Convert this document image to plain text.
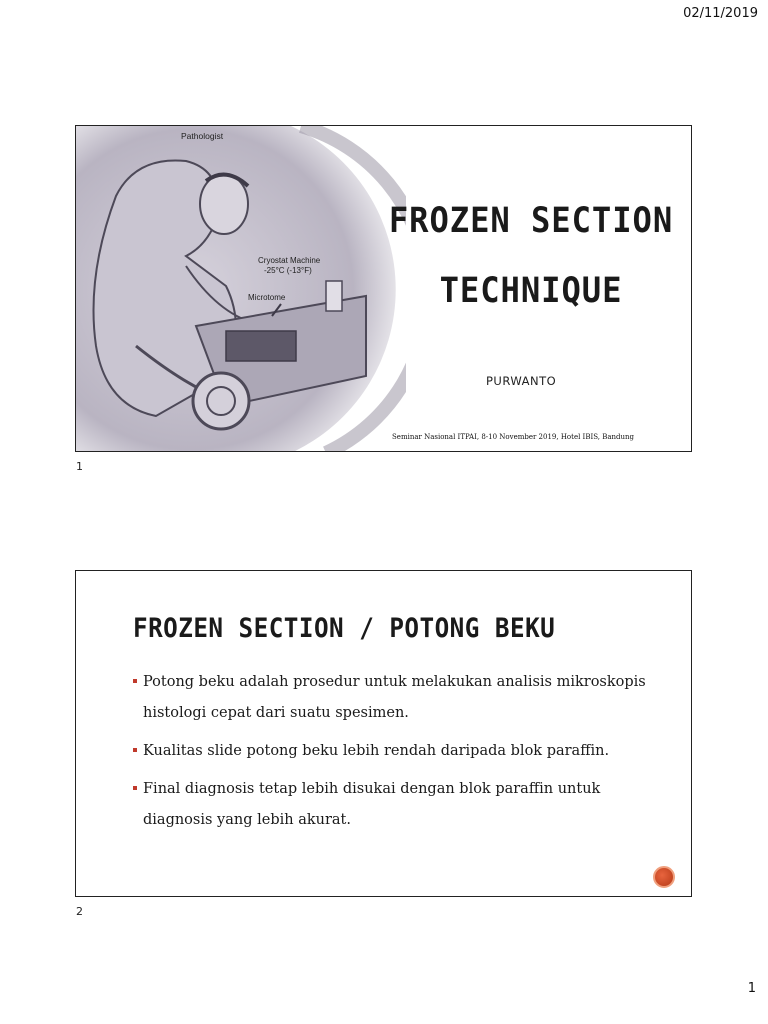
02/11/2019
Pathologist
Cryostat Machine
-25°C (-13°F)
Microtome
FROZEN SECTION
TECHNIQUE
PURWANTO
Seminar Nasional ITPAI, 8-10 November 2019, Hotel IBIS, Bandung
1
FROZEN SECTION / POTONG BEKU
Potong beku adalah prosedur untuk melakukan analisis mikroskopis histologi cepat dari suatu spesimen.
Kualitas slide potong beku lebih rendah daripada blok paraffin.
Final diagnosis tetap lebih disukai dengan blok paraffin untuk diagnosis yang lebih akurat.
2
1
